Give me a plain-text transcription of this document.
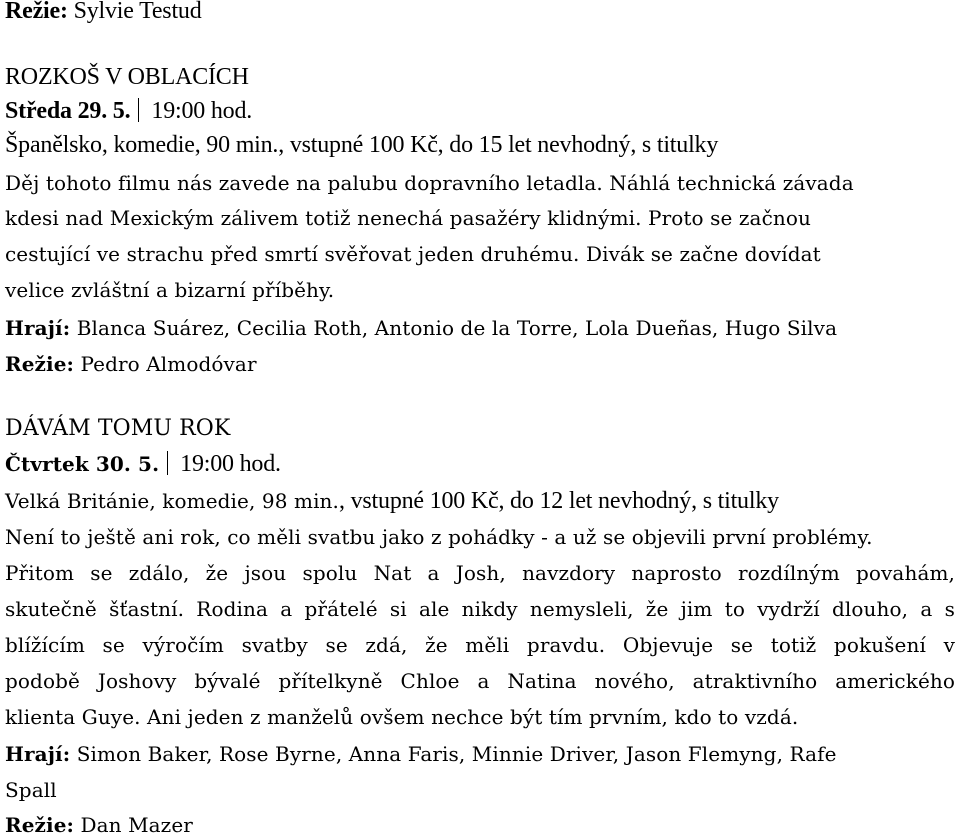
Režie: Sylvie Testud
ROZKOŠ V OBLACÍCH
Středa 29. 5. 19:00 hod.
Španělsko, komedie, 90 min., vstupné 100 Kč, do 15 let nevhodný, s titulky
Děj tohoto filmu nás zavede na palubu dopravního letadla. Náhlá technická závada
kdesi nad Mexickým zálivem totiž nenechá pasažéry klidnými. Proto se začnou
cestující ve strachu před smrtí svěřovat jeden druhému. Divák se začne dovídat
velice zvláštní a bizarní příběhy.
Hrají: Blanca Suárez, Cecilia Roth, Antonio de la Torre, Lola Dueñas, Hugo Silva
Režie: Pedro Almodóvar
DÁVÁM TOMU ROK
Čtvrtek 30. 5. 19:00 hod.
Velká Británie, komedie, 98 min., vstupné 100 Kč, do 12 let nevhodný, s titulky
Není to ještě ani rok, co měli svatbu jako z pohádky - a už se objevili první problémy.
Přitom se zdálo, že jsou spolu Nat a Josh, navzdory naprosto rozdílným povahám,
skutečně šťastní. Rodina a přátelé si ale nikdy nemysleli, že jim to vydrží dlouho, a s
blížícím se výročím svatby se zdá, že měli pravdu. Objevuje se totiž pokušení v
podobě Joshovy bývalé přítelkyně Chloe a Natina nového, atraktivního amerického
klienta Guye. Ani jeden z manželů ovšem nechce být tím prvním, kdo to vzdá.
Hrají: Simon Baker, Rose Byrne, Anna Faris, Minnie Driver, Jason Flemyng, Rafe
Spall
Režie: Dan Mazer
